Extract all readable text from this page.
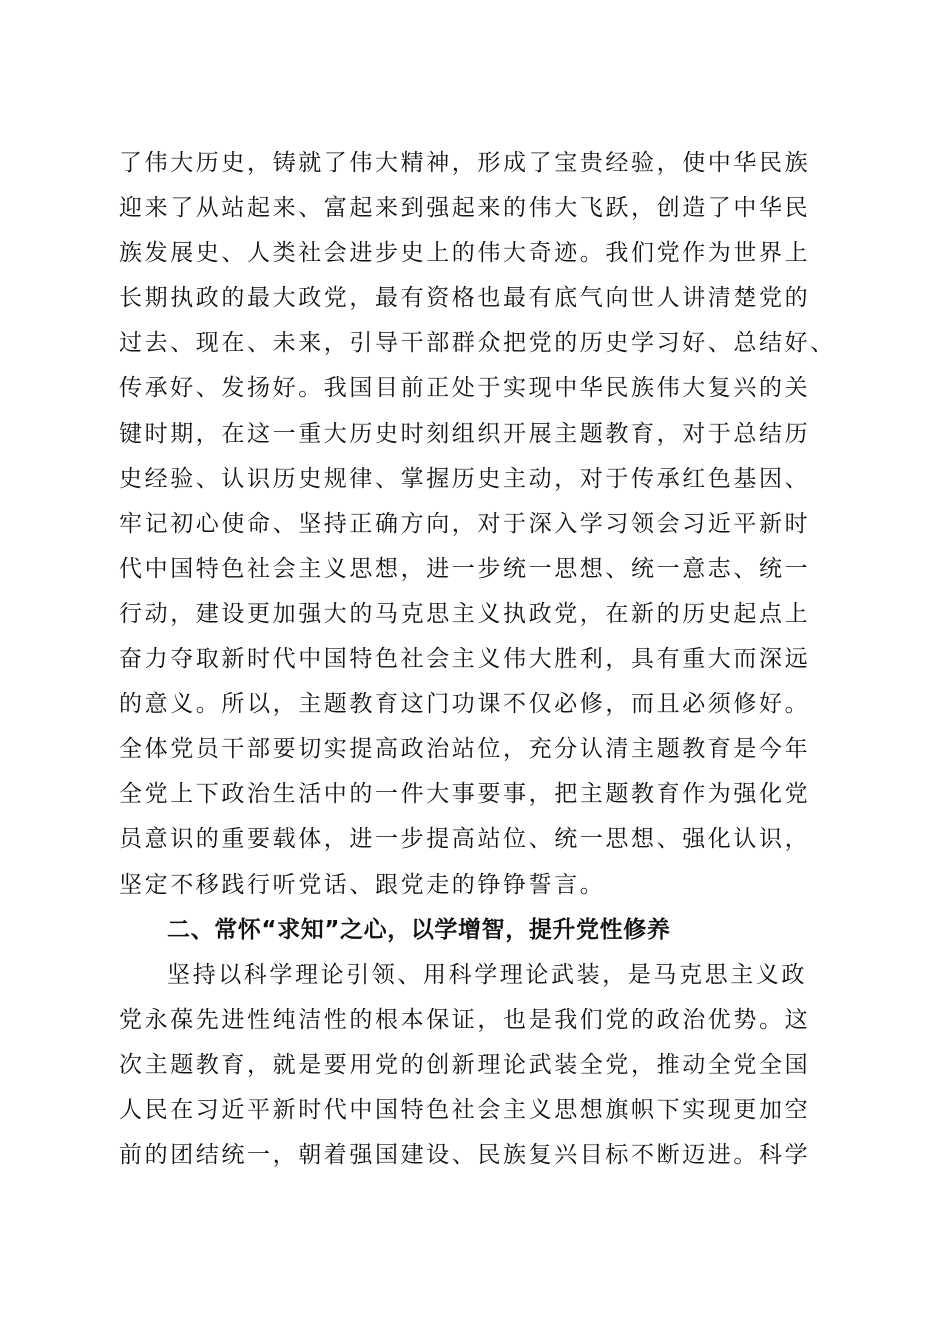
了伟大历史，铸就了伟大精神，形成了宝贵经验，使中华民族
迎来了从站起来、富起来到强起来的伟大飞跃，创造了中华民
族发展史、人类社会进步史上的伟大奇迹。我们党作为世界上
长期执政的最大政党，最有资格也最有底气向世人讲清楚党的
过去、现在、未来，引导干部群众把党的历史学习好、总结好、
传承好、发扬好。我国目前正处于实现中华民族伟大复兴的关
键时期，在这一重大历史时刻组织开展主题教育，对于总结历
史经验、认识历史规律、掌握历史主动，对于传承红色基因、
牢记初心使命、坚持正确方向，对于深入学习领会习近平新时
代中国特色社会主义思想，进一步统一思想、统一意志、统一
行动，建设更加强大的马克思主义执政党，在新的历史起点上
奋力夺取新时代中国特色社会主义伟大胜利，具有重大而深远
的意义。所以，主题教育这门功课不仅必修，而且必须修好。
全体党员干部要切实提高政治站位，充分认清主题教育是今年
全党上下政治生活中的一件大事要事，把主题教育作为强化党
员意识的重要载体，进一步提高站位、统一思想、强化认识，
坚定不移践行听党话、跟党走的铮铮誓言。
二、常怀“求知”之心，以学增智，提升党性修养
坚持以科学理论引领、用科学理论武装，是马克思主义政
党永葆先进性纯洁性的根本保证，也是我们党的政治优势。这
次主题教育，就是要用党的创新理论武装全党，推动全党全国
人民在习近平新时代中国特色社会主义思想旗帜下实现更加空
前的团结统一，朝着强国建设、民族复兴目标不断迈进。科学
